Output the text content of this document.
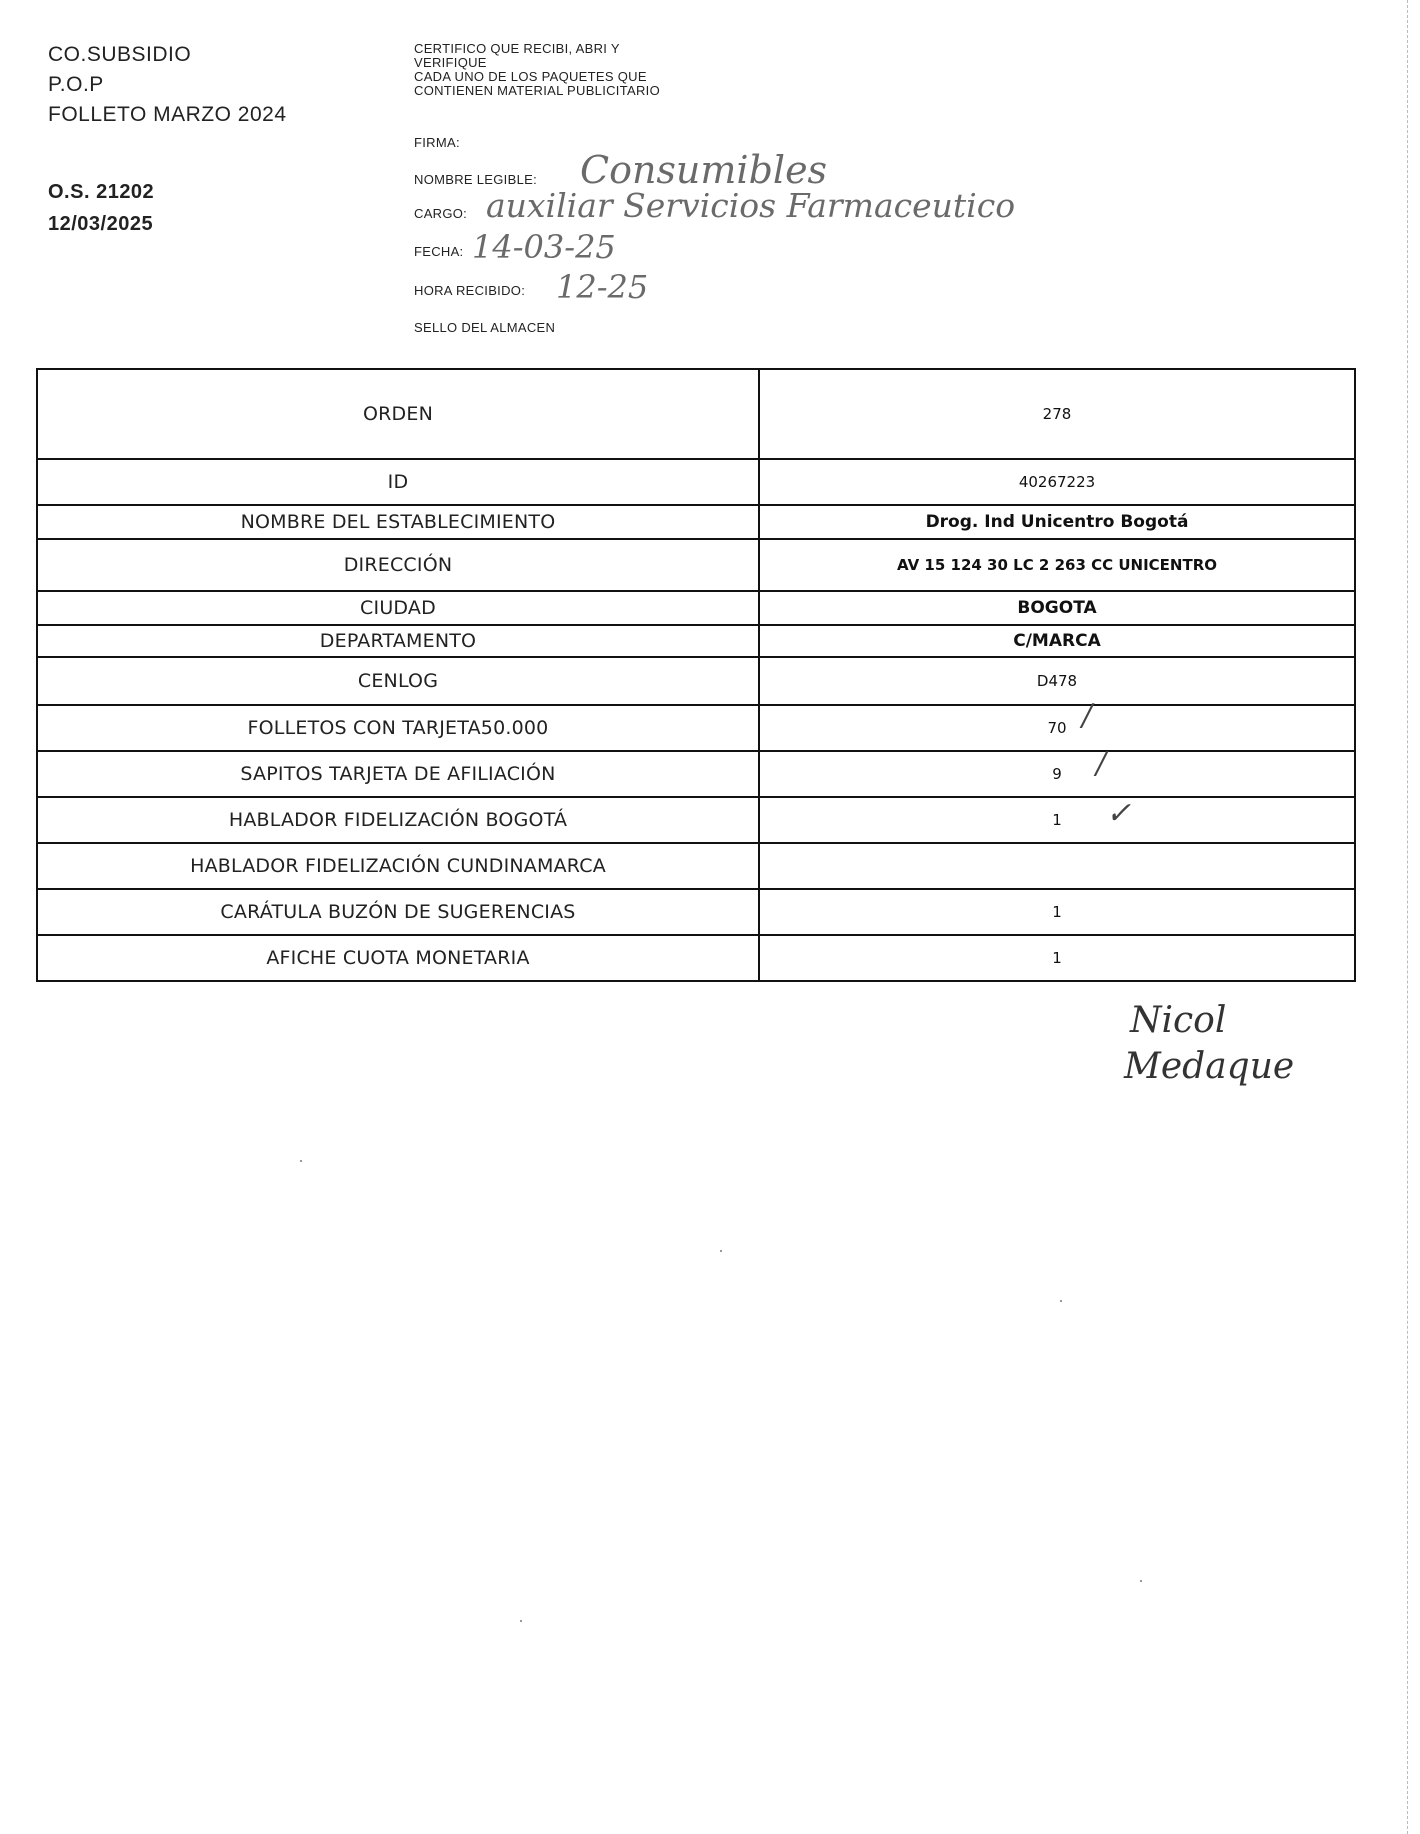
CO.SUBSIDIO
P.O.P
FOLLETO MARZO 2024
O.S. 21202
12/03/2025
CERTIFICO QUE RECIBI, ABRI Y
VERIFIQUE
CADA UNO DE LOS PAQUETES QUE
CONTIENEN MATERIAL PUBLICITARIO
FIRMA:
NOMBRE LEGIBLE: Consumibles
CARGO: auxiliar Servicios Farmaceutico
FECHA: 14-03-25
HORA RECIBIDO: 12-25
SELLO DEL ALMACEN
ORDEN	278
ID	40267223
NOMBRE DEL ESTABLECIMIENTO	Drog. Ind Unicentro Bogotá
DIRECCIÓN	AV 15 124 30 LC 2 263 CC UNICENTRO
CIUDAD	BOGOTA
DEPARTAMENTO	C/MARCA
CENLOG	D478
FOLLETOS CON TARJETA50.000	70
SAPITOS TARJETA DE AFILIACIÓN	9
HABLADOR FIDELIZACIÓN BOGOTÁ	1
HABLADOR FIDELIZACIÓN CUNDINAMARCA	
CARÁTULA BUZÓN DE SUGERENCIAS	1
AFICHE CUOTA MONETARIA	1
/
/
✓
Nicol
Medaque
